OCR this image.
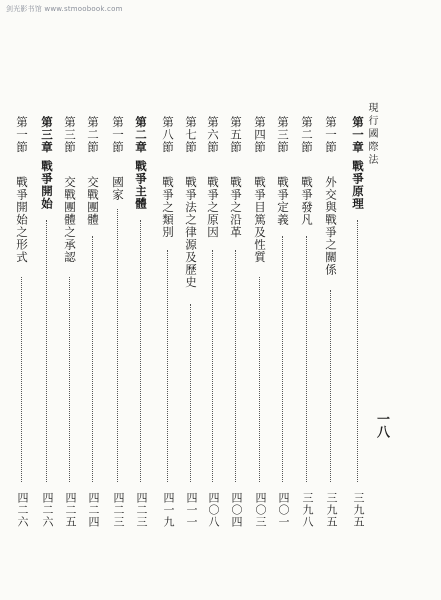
剑光影书馆 www.stmoobook.com
現行國際法
一八
第一章
戰爭原理
三九五
第一節
外交與戰爭之關係
三九五
第二節
戰爭發凡
三九八
第三節
戰爭定義
四〇一
第四節
戰爭目篤及性質
四〇三
第五節
戰爭之沿革
四〇四
第六節
戰爭之原因
四〇八
第七節
戰爭法之律源及歷史
四一一
第八節
戰爭之類別
四一九
第二章
戰爭主體
四二三
第一節
國家
四二三
第二節
交戰團體
四二四
第三節
交戰團體之承認
四二五
第三章
戰爭開始
四二六
第一節
戰爭開始之形式
四二六
